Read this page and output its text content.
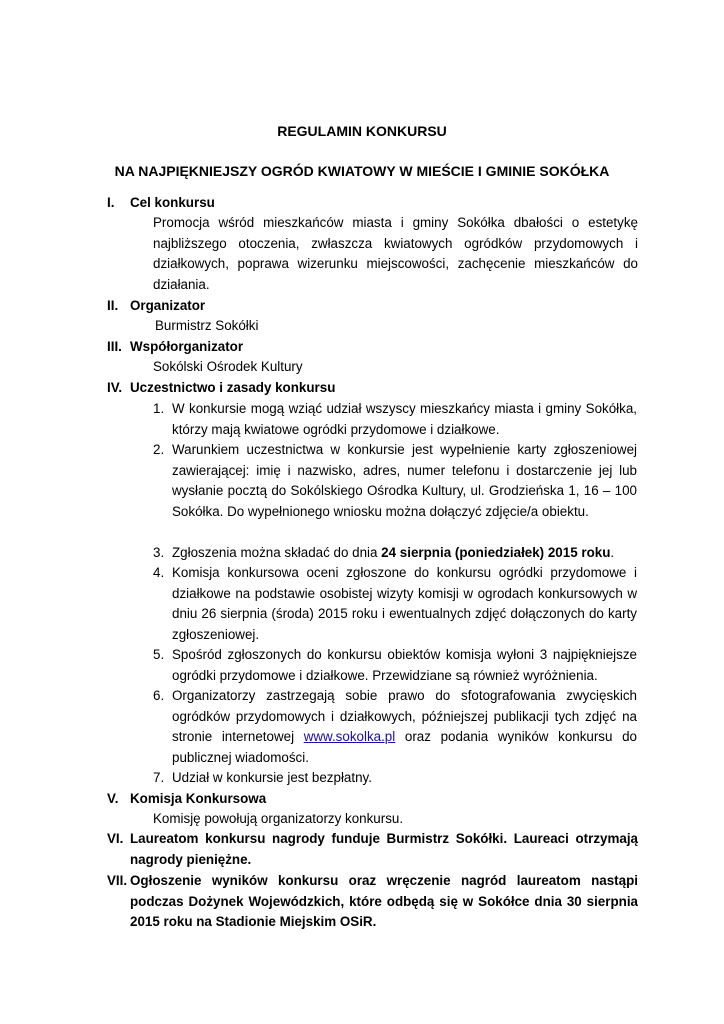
REGULAMIN KONKURSU
NA NAJPIĘKNIEJSZY OGRÓD KWIATOWY W MIEŚCIE I GMINIE SOKÓŁKA
I. Cel konkursu

Promocja wśród mieszkańców miasta i gminy Sokółka dbałości o estetykę najbliższego otoczenia, zwłaszcza kwiatowych ogródków przydomowych i działkowych, poprawa wizerunku miejscowości, zachęcenie mieszkańców do działania.

II. Organizator

Burmistrz Sokółki

III. Współorganizator

Sokólski Ośrodek Kultury

IV. Uczestnictwo i zasady konkursu
1. W konkursie mogą wziąć udział wszyscy mieszkańcy miasta i gminy Sokółka, którzy mają kwiatowe ogródki przydomowe i działkowe.

2. Warunkiem uczestnictwa w konkursie jest wypełnienie karty zgłoszeniowej zawierającej: imię i nazwisko, adres, numer telefonu i dostarczenie jej lub wysłanie pocztą do Sokólskiego Ośrodka Kultury, ul. Grodzieńska 1, 16 – 100 Sokółka. Do wypełnionego wniosku można dołączyć zdjęcie/a obiektu.

3. Zgłoszenia można składać do dnia 24 sierpnia (poniedziałek) 2015 roku.

4. Komisja konkursowa oceni zgłoszone do konkursu ogródki przydomowe i działkowe na podstawie osobistej wizyty komisji w ogrodach konkursowych w dniu 26 sierpnia (środa) 2015 roku i ewentualnych zdjęć dołączonych do karty zgłoszeniowej.

5. Spośród zgłoszonych do konkursu obiektów komisja wyłoni 3 najpiękniejsze ogródki przydomowe i działkowe. Przewidziane są również wyróżnienia.

6. Organizatorzy zastrzegają sobie prawo do sfotografowania zwycięskich ogródków przydomowych i działkowych, późniejszej publikacji tych zdjęć na stronie internetowej www.sokolka.pl oraz podania wyników konkursu do publicznej wiadomości.

7. Udział w konkursie jest bezpłatny.

V. Komisja Konkursowa

Komisję powołują organizatorzy konkursu.

VI. Laureatom konkursu nagrody funduje Burmistrz Sokółki. Laureaci otrzymają nagrody pieniężne.

VII. Ogłoszenie wyników konkursu oraz wręczenie nagród laureatom nastąpi podczas Dożynek Wojewódzkich, które odbędą się w Sokółce dnia 30 sierpnia 2015 roku na Stadionie Miejskim OSiR.
